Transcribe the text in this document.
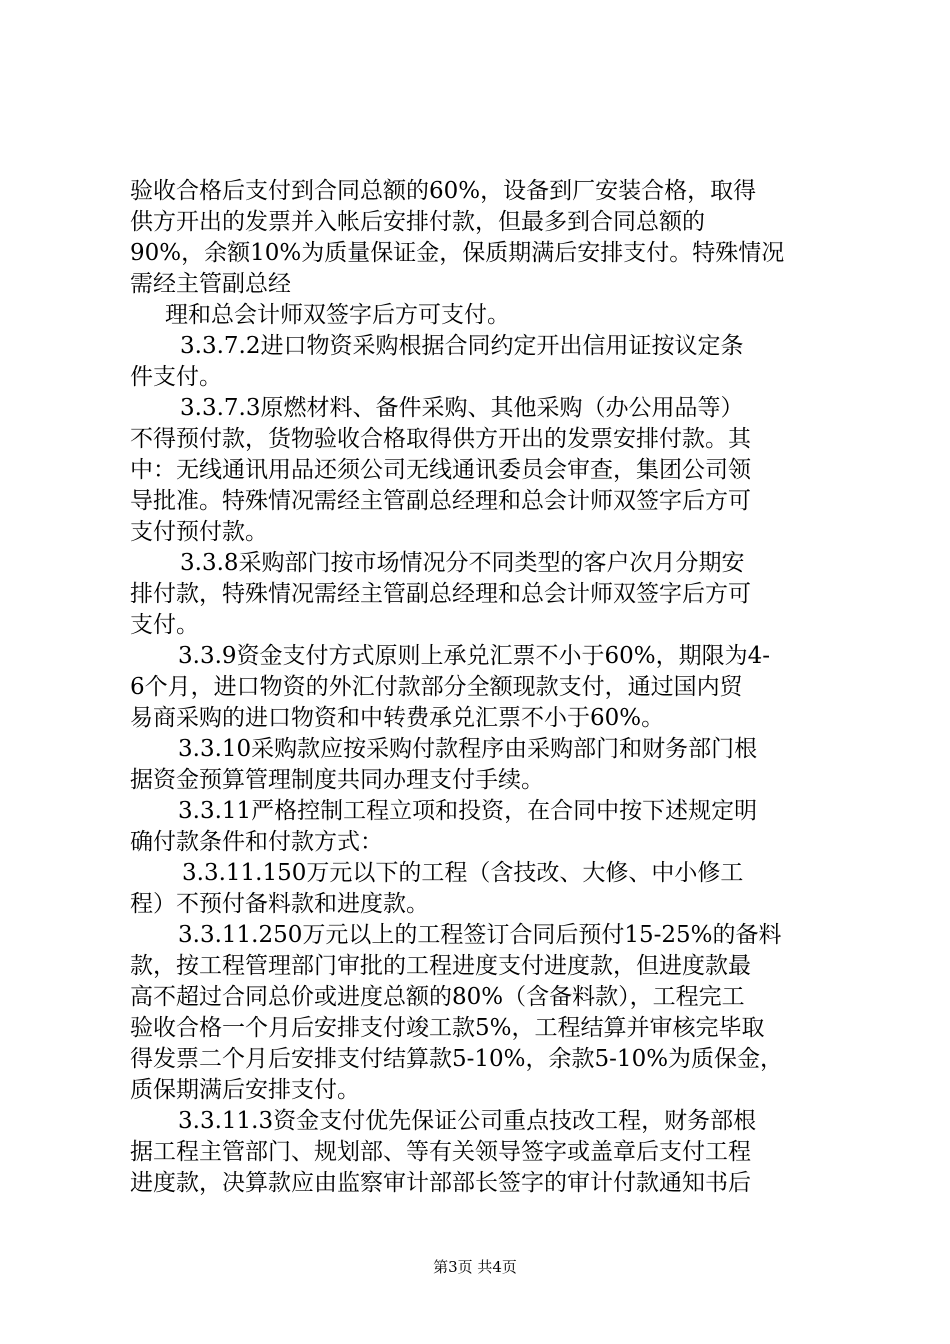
验收合格后支付到合同总额的60%，设备到厂安装合格，取得
供方开出的发票并入帐后安排付款，但最多到合同总额的
90%，余额10%为质量保证金，保质期满后安排支付。特殊情况
需经主管副总经
理和总会计师双签字后方可支付。
3.3.7.2进口物资采购根据合同约定开出信用证按议定条
件支付。
3.3.7.3原燃材料、备件采购、其他采购（办公用品等）
不得预付款，货物验收合格取得供方开出的发票安排付款。其
中：无线通讯用品还须公司无线通讯委员会审查，集团公司领
导批准。特殊情况需经主管副总经理和总会计师双签字后方可
支付预付款。
3.3.8采购部门按市场情况分不同类型的客户次月分期安
排付款，特殊情况需经主管副总经理和总会计师双签字后方可
支付。
3.3.9资金支付方式原则上承兑汇票不小于60%，期限为4-
6个月，进口物资的外汇付款部分全额现款支付，通过国内贸
易商采购的进口物资和中转费承兑汇票不小于60%。
3.3.10采购款应按采购付款程序由采购部门和财务部门根
据资金预算管理制度共同办理支付手续。
3.3.11严格控制工程立项和投资，在合同中按下述规定明
确付款条件和付款方式：
3.3.11.150万元以下的工程（含技改、大修、中小修工
程）不预付备料款和进度款。
3.3.11.250万元以上的工程签订合同后预付15-25%的备料
款，按工程管理部门审批的工程进度支付进度款，但进度款最
高不超过合同总价或进度总额的80%（含备料款），工程完工
验收合格一个月后安排支付竣工款5%，工程结算并审核完毕取
得发票二个月后安排支付结算款5-10%，余款5-10%为质保金，
质保期满后安排支付。
3.3.11.3资金支付优先保证公司重点技改工程，财务部根
据工程主管部门、规划部、等有关领导签字或盖章后支付工程
进度款，决算款应由监察审计部部长签字的审计付款通知书后
第3页 共4页
